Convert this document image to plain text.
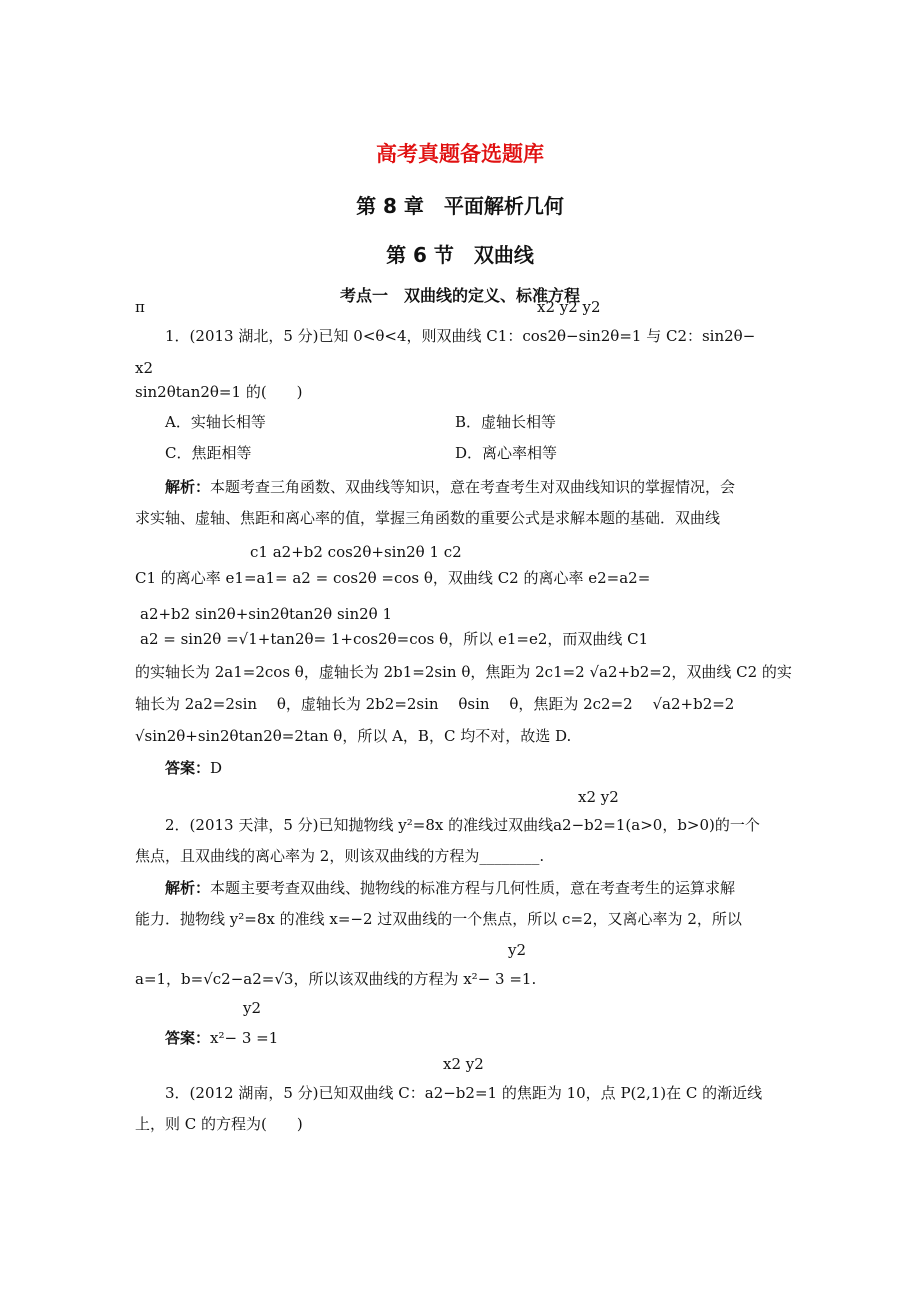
高考真题备选题库
第 8 章　平面解析几何
第 6 节　双曲线
考点一　双曲线的定义、标准方程
π	x2 y2 y2
1．(2013 湖北，5 分)已知 0<θ<4，则双曲线 C1：cos2θ−sin2θ=1 与 C2：sin2θ−
x2
sin2θtan2θ=1 的(　　)
A．实轴长相等	B．虚轴长相等
C．焦距相等	D．离心率相等
解析：本题考查三角函数、双曲线等知识，意在考查考生对双曲线知识的掌握情况，会
求实轴、虚轴、焦距和离心率的值，掌握三角函数的重要公式是求解本题的基础．双曲线
c1 a2+b2 cos2θ+sin2θ 1 c2
C1 的离心率 e1=a1= a2 = cos2θ =cos θ，双曲线 C2 的离心率 e2=a2=
a2+b2 sin2θ+sin2θtan2θ sin2θ 1
a2 = sin2θ =√1+tan2θ= 1+cos2θ=cos θ，所以 e1=e2，而双曲线 C1
的实轴长为 2a1=2cos θ，虚轴长为 2b1=2sin θ，焦距为 2c1=2 √a2+b2=2，双曲线 C2 的实
轴长为 2a2=2sin　 θ，虚轴长为 2b2=2sin　 θsin　 θ，焦距为 2c2=2　 √a2+b2=2
√sin2θ+sin2θtan2θ=2tan θ，所以 A，B，C 均不对，故选 D.
答案：D
x2 y2
2．(2013 天津，5 分)已知抛物线 y²=8x 的准线过双曲线a2−b2=1(a>0，b>0)的一个
焦点，且双曲线的离心率为 2，则该双曲线的方程为________.
解析：本题主要考查双曲线、抛物线的标准方程与几何性质，意在考查考生的运算求解
能力．抛物线 y²=8x 的准线 x=−2 过双曲线的一个焦点，所以 c=2，又离心率为 2，所以
y2
a=1，b=√c2−a2=√3，所以该双曲线的方程为 x²− 3 =1.
y2
答案：x²− 3 =1
x2 y2
3．(2012 湖南，5 分)已知双曲线 C：a2−b2=1 的焦距为 10，点 P(2,1)在 C 的渐近线
上，则 C 的方程为(　　)
